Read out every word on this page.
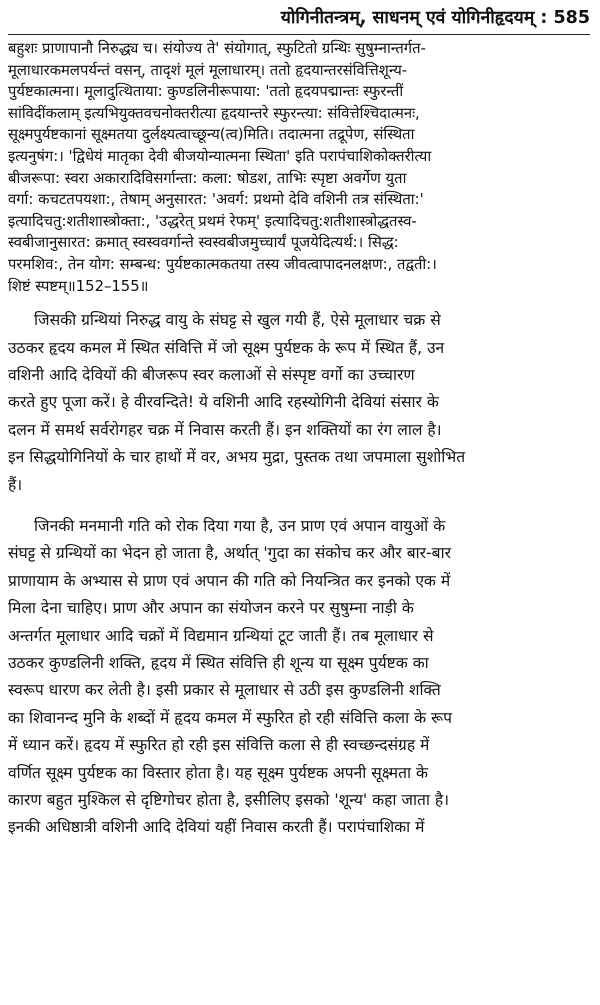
योगिनीतन्त्रम्, साधनम् एवं योगिनीहृदयम् : 585
बहुशः प्राणापानौ निरुद्ध्य च। संयोज्य ते' संयोगात्, स्फुटितो ग्रन्थिः सुषुम्नान्तर्गत-
मूलाधारकमलपर्यन्तं वसन्, तादृशं मूलं मूलाधारम्। ततो हृदयान्तरसंवित्तिशून्य-
पुर्यष्टकात्मना। मूलादुत्थिताया: कुण्डलिनीरूपाया: 'ततो हृदयपद्मान्तः स्फुरन्तीं
सांविदींकलाम् इत्यभियुक्तवचनोक्तरीत्या हृदयान्तरे स्फुरन्त्या: संवित्तेश्चिदात्मनः,
सूक्ष्मपुर्यष्टकानां सूक्ष्मतया दुर्लक्ष्यत्वाच्छून्य(त्व)मिति। तदात्मना तद्रूपेण, संस्थिता
इत्यनुषंग:। 'द्विधेयं मातृका देवी बीजयोन्यात्मना स्थिता' इति परापंचाशिकोक्तरीत्या
बीजरूपा: स्वरा अकारादिविसर्गान्ता: कला: षोडश, ताभिः स्पृष्टा अवर्गेण युता
वर्गा: कचटतपयशा:, तेषाम् अनुसारत: 'अवर्ग: प्रथमो देवि वशिनी तत्र संस्थिता:'
इत्यादिचतु:शतीशास्त्रोक्ता:, 'उद्धरेत् प्रथमं रेफम्' इत्यादिचतु:शतीशास्त्रोद्धतस्व-
स्वबीजानुसारत: क्रमात् स्वस्ववर्गान्ते स्वस्वबीजमुच्चार्यं पूजयेदित्यर्थ:। सिद्ध:
परमशिव:, तेन योग: सम्बन्ध: पुर्यष्टकात्मकतया तस्य जीवत्वापादनलक्षण:, तद्वती:।
शिष्टं स्पष्टम्॥152–155॥
जिसकी ग्रन्थियां निरुद्ध वायु के संघट्ट से खुल गयी हैं, ऐसे मूलाधार चक्र से
उठकर हृदय कमल में स्थित संवित्ति में जो सूक्ष्म पुर्यष्टक के रूप में स्थित हैं, उन
वशिनी आदि देवियों की बीजरूप स्वर कलाओं से संस्पृष्ट वर्गो का उच्चारण
करते हुए पूजा करें। हे वीरवन्दिते! ये वशिनी आदि रहस्योगिनी देवियां संसार के
दलन में समर्थ सर्वरोगहर चक्र में निवास करती हैं। इन शक्तियों का रंग लाल है।
इन सिद्धयोगिनियों के चार हाथों में वर, अभय मुद्रा, पुस्तक तथा जपमाला सुशोभित
हैं।
जिनकी मनमानी गति को रोक दिया गया है, उन प्राण एवं अपान वायुओं के
संघट्ट से ग्रन्थियों का भेदन हो जाता है, अर्थात् 'गुदा का संकोच कर और बार-बार
प्राणायाम के अभ्यास से प्राण एवं अपान की गति को नियन्त्रित कर इनको एक में
मिला देना चाहिए। प्राण और अपान का संयोजन करने पर सुषुम्ना नाड़ी के
अन्तर्गत मूलाधार आदि चक्रों में विद्यमान ग्रन्थियां टूट जाती हैं। तब मूलाधार से
उठकर कुण्डलिनी शक्ति, हृदय में स्थित संवित्ति ही शून्य या सूक्ष्म पुर्यष्टक का
स्वरूप धारण कर लेती है। इसी प्रकार से मूलाधार से उठी इस कुण्डलिनी शक्ति
का शिवानन्द मुनि के शब्दों में हृदय कमल में स्फुरित हो रही संवित्ति कला के रूप
में ध्यान करें। हृदय में स्फुरित हो रही इस संवित्ति कला से ही स्वच्छन्दसंग्रह में
वर्णित सूक्ष्म पुर्यष्टक का विस्तार होता है। यह सूक्ष्म पुर्यष्टक अपनी सूक्ष्मता के
कारण बहुत मुश्किल से दृष्टिगोचर होता है, इसीलिए इसको 'शून्य' कहा जाता है।
इनकी अधिष्ठात्री वशिनी आदि देवियां यहीं निवास करती हैं। परापंचाशिका में
